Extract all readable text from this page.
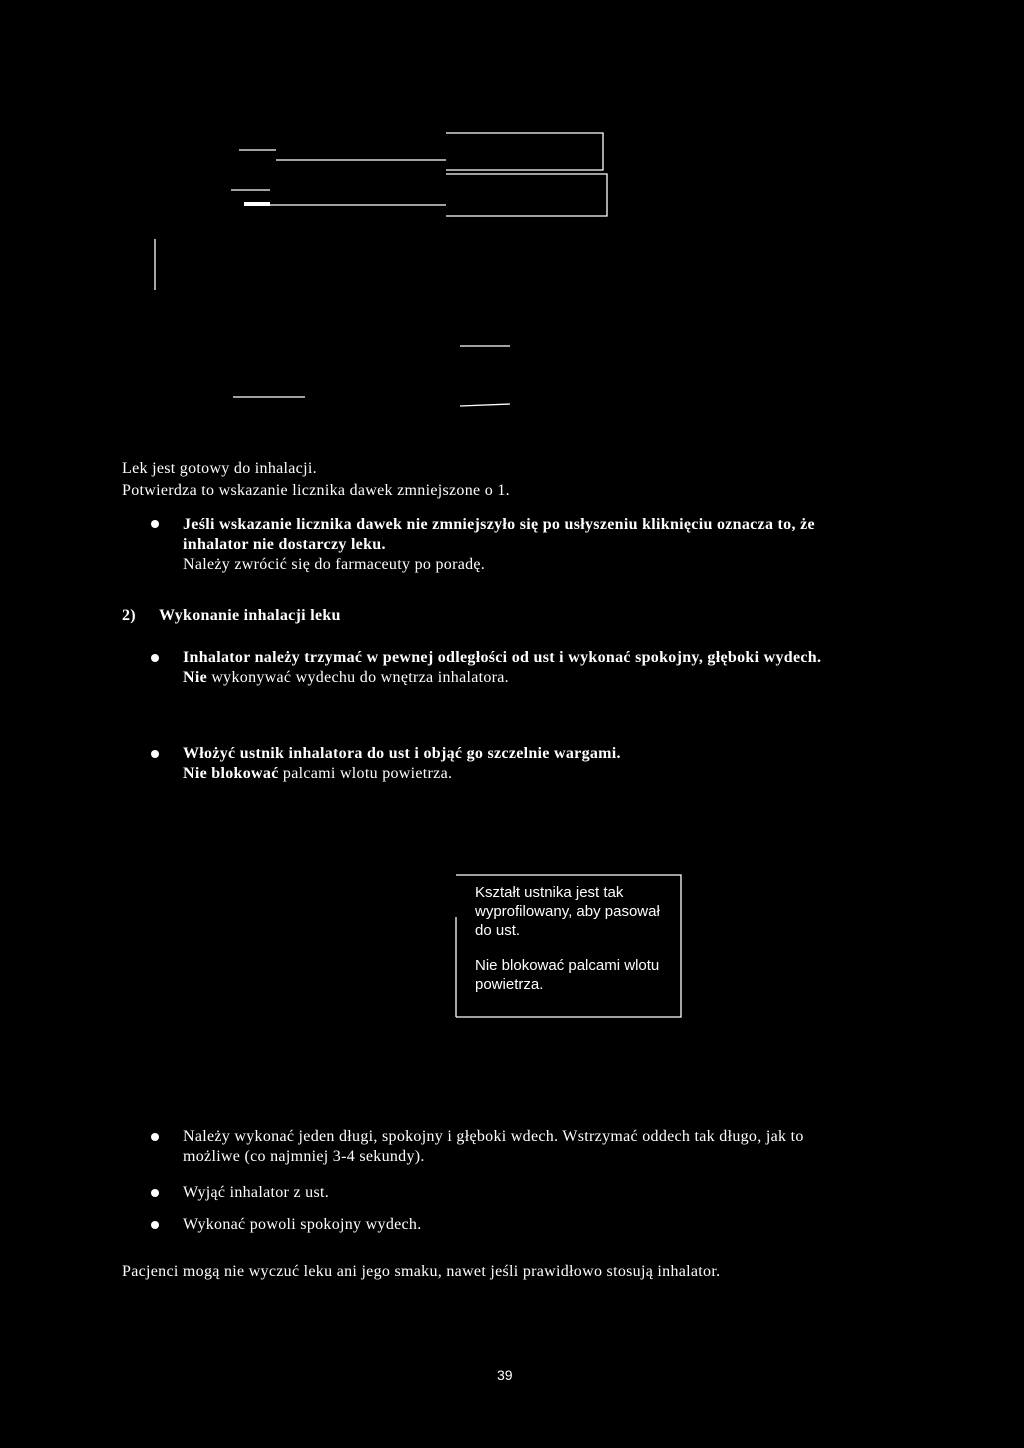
Lek jest gotowy do inhalacji.
Potwierdza to wskazanie licznika dawek zmniejszone o 1.
Jeśli wskazanie licznika dawek nie zmniejszyło się po usłyszeniu kliknięciu oznacza to, że inhalator nie dostarczy leku.
Należy zwrócić się do farmaceuty po poradę.
2) Wykonanie inhalacji leku
Inhalator należy trzymać w pewnej odległości od ust i wykonać spokojny, głęboki wydech.
Nie wykonywać wydechu do wnętrza inhalatora.
Włożyć ustnik inhalatora do ust i objąć go szczelnie wargami.
Nie blokować palcami wlotu powietrza.
Kształt ustnika jest tak wyprofilowany, aby pasował do ust.
Nie blokować palcami wlotu powietrza.
Należy wykonać jeden długi, spokojny i głęboki wdech. Wstrzymać oddech tak długo, jak to możliwe (co najmniej 3-4 sekundy).
Wyjąć inhalator z ust.
Wykonać powoli spokojny wydech.
Pacjenci mogą nie wyczuć leku ani jego smaku, nawet jeśli prawidłowo stosują inhalator.
39
